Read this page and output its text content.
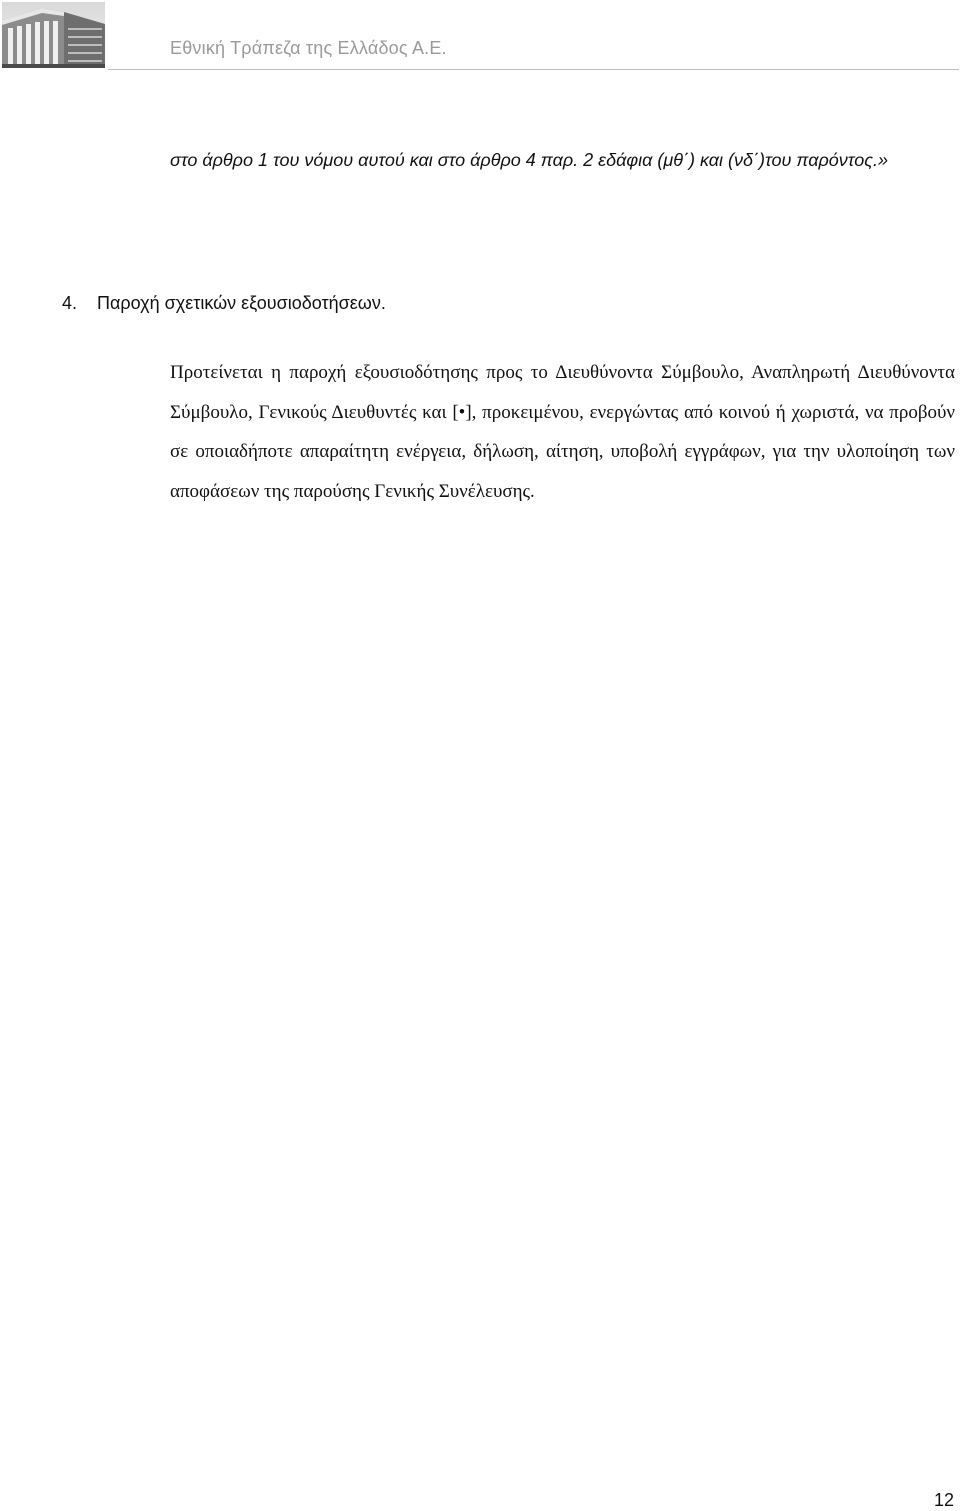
Εθνική Τράπεζα της Ελλάδος Α.Ε.
στο άρθρο 1 του νόμου αυτού και στο άρθρο 4 παρ. 2 εδάφια (μθ΄) και (νδ΄)του παρόντος.»
4. Παροχή σχετικών εξουσιοδοτήσεων.

Προτείνεται η παροχή εξουσιοδότησης προς το Διευθύνοντα Σύμβουλο, Αναπληρωτή Διευθύνοντα Σύμβουλο, Γενικούς Διευθυντές και [•], προκειμένου, ενεργώντας από κοινού ή χωριστά, να προβούν σε οποιαδήποτε απαραίτητη ενέργεια, δήλωση, αίτηση, υποβολή εγγράφων, για την υλοποίηση των αποφάσεων της παρούσης Γενικής Συνέλευσης.

12
